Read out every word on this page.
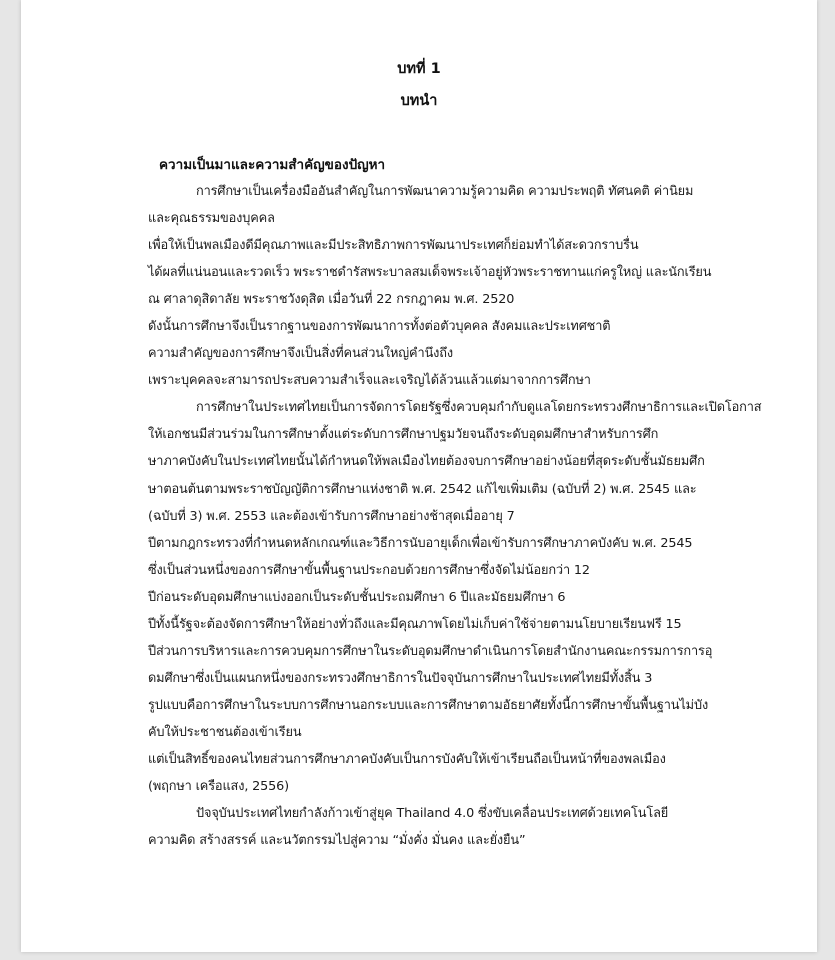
บทที่ 1
บทนำ
ความเป็นมาและความสำคัญของปัญหา
การศึกษาเป็นเครื่องมืออันสำคัญในการพัฒนาความรู้ความคิด ความประพฤติ ทัศนคติ ค่านิยม
และคุณธรรมของบุคคล
เพื่อให้เป็นพลเมืองดีมีคุณภาพและมีประสิทธิภาพการพัฒนาประเทศก็ย่อมทำได้สะดวกราบรื่น
ได้ผลที่แน่นอนและรวดเร็ว พระราชดำรัสพระบาลสมเด็จพระเจ้าอยู่หัวพระราชทานแก่ครูใหญ่ และนักเรียน
ณ ศาลาดุสิดาลัย พระราชวังดุสิต เมื่อวันที่ 22 กรกฎาคม พ.ศ. 2520
ดังนั้นการศึกษาจึงเป็นรากฐานของการพัฒนาการทั้งต่อตัวบุคคล สังคมและประเทศชาติ
ความสำคัญของการศึกษาจึงเป็นสิ่งที่คนส่วนใหญ่คำนึงถึง
เพราะบุคคลจะสามารถประสบความสำเร็จและเจริญได้ล้วนแล้วแต่มาจากการศึกษา
การศึกษาในประเทศไทยเป็นการจัดการโดยรัฐซึ่งควบคุมกำกับดูแลโดยกระทรวงศึกษาธิการและเปิดโอกาส
ให้เอกชนมีส่วนร่วมในการศึกษาตั้งแต่ระดับการศึกษาปฐมวัยจนถึงระดับอุดมศึกษาสำหรับการศึก
ษาภาคบังคับในประเทศไทยนั้นได้กำหนดให้พลเมืองไทยต้องจบการศึกษาอย่างน้อยที่สุดระดับชั้นมัธยมศึก
ษาตอนต้นตามพระราชบัญญัติการศึกษาแห่งชาติ พ.ศ. 2542 แก้ไขเพิ่มเติม (ฉบับที่ 2) พ.ศ. 2545 และ
(ฉบับที่ 3) พ.ศ. 2553 และต้องเข้ารับการศึกษาอย่างช้าสุดเมื่ออายุ 7
ปีตามกฎกระทรวงที่กำหนดหลักเกณฑ์และวิธีการนับอายุเด็กเพื่อเข้ารับการศึกษาภาคบังคับ พ.ศ. 2545
ซึ่งเป็นส่วนหนึ่งของการศึกษาขั้นพื้นฐานประกอบด้วยการศึกษาซึ่งจัดไม่น้อยกว่า 12
ปีก่อนระดับอุดมศึกษาแบ่งออกเป็นระดับชั้นประถมศึกษา 6 ปีและมัธยมศึกษา 6
ปีทั้งนี้รัฐจะต้องจัดการศึกษาให้อย่างทั่วถึงและมีคุณภาพโดยไม่เก็บค่าใช้จ่ายตามนโยบายเรียนฟรี 15
ปีส่วนการบริหารและการควบคุมการศึกษาในระดับอุดมศึกษาดำเนินการโดยสำนักงานคณะกรรมการการอุ
ดมศึกษาซึ่งเป็นแผนกหนึ่งของกระทรวงศึกษาธิการในปัจจุบันการศึกษาในประเทศไทยมีทั้งสิ้น 3
รูปแบบคือการศึกษาในระบบการศึกษานอกระบบและการศึกษาตามอัธยาศัยทั้งนี้การศึกษาขั้นพื้นฐานไม่บัง
คับให้ประชาชนต้องเข้าเรียน
แต่เป็นสิทธิ์ของคนไทยส่วนการศึกษาภาคบังคับเป็นการบังคับให้เข้าเรียนถือเป็นหน้าที่ของพลเมือง
(พฤกษา เครือแสง, 2556)
ปัจจุบันประเทศไทยกำลังก้าวเข้าสู่ยุค Thailand 4.0 ซึ่งขับเคลื่อนประเทศด้วยเทคโนโลยี
ความคิด สร้างสรรค์ และนวัตกรรมไปสู่ความ “มั่งคั่ง มั่นคง และยั่งยืน”
